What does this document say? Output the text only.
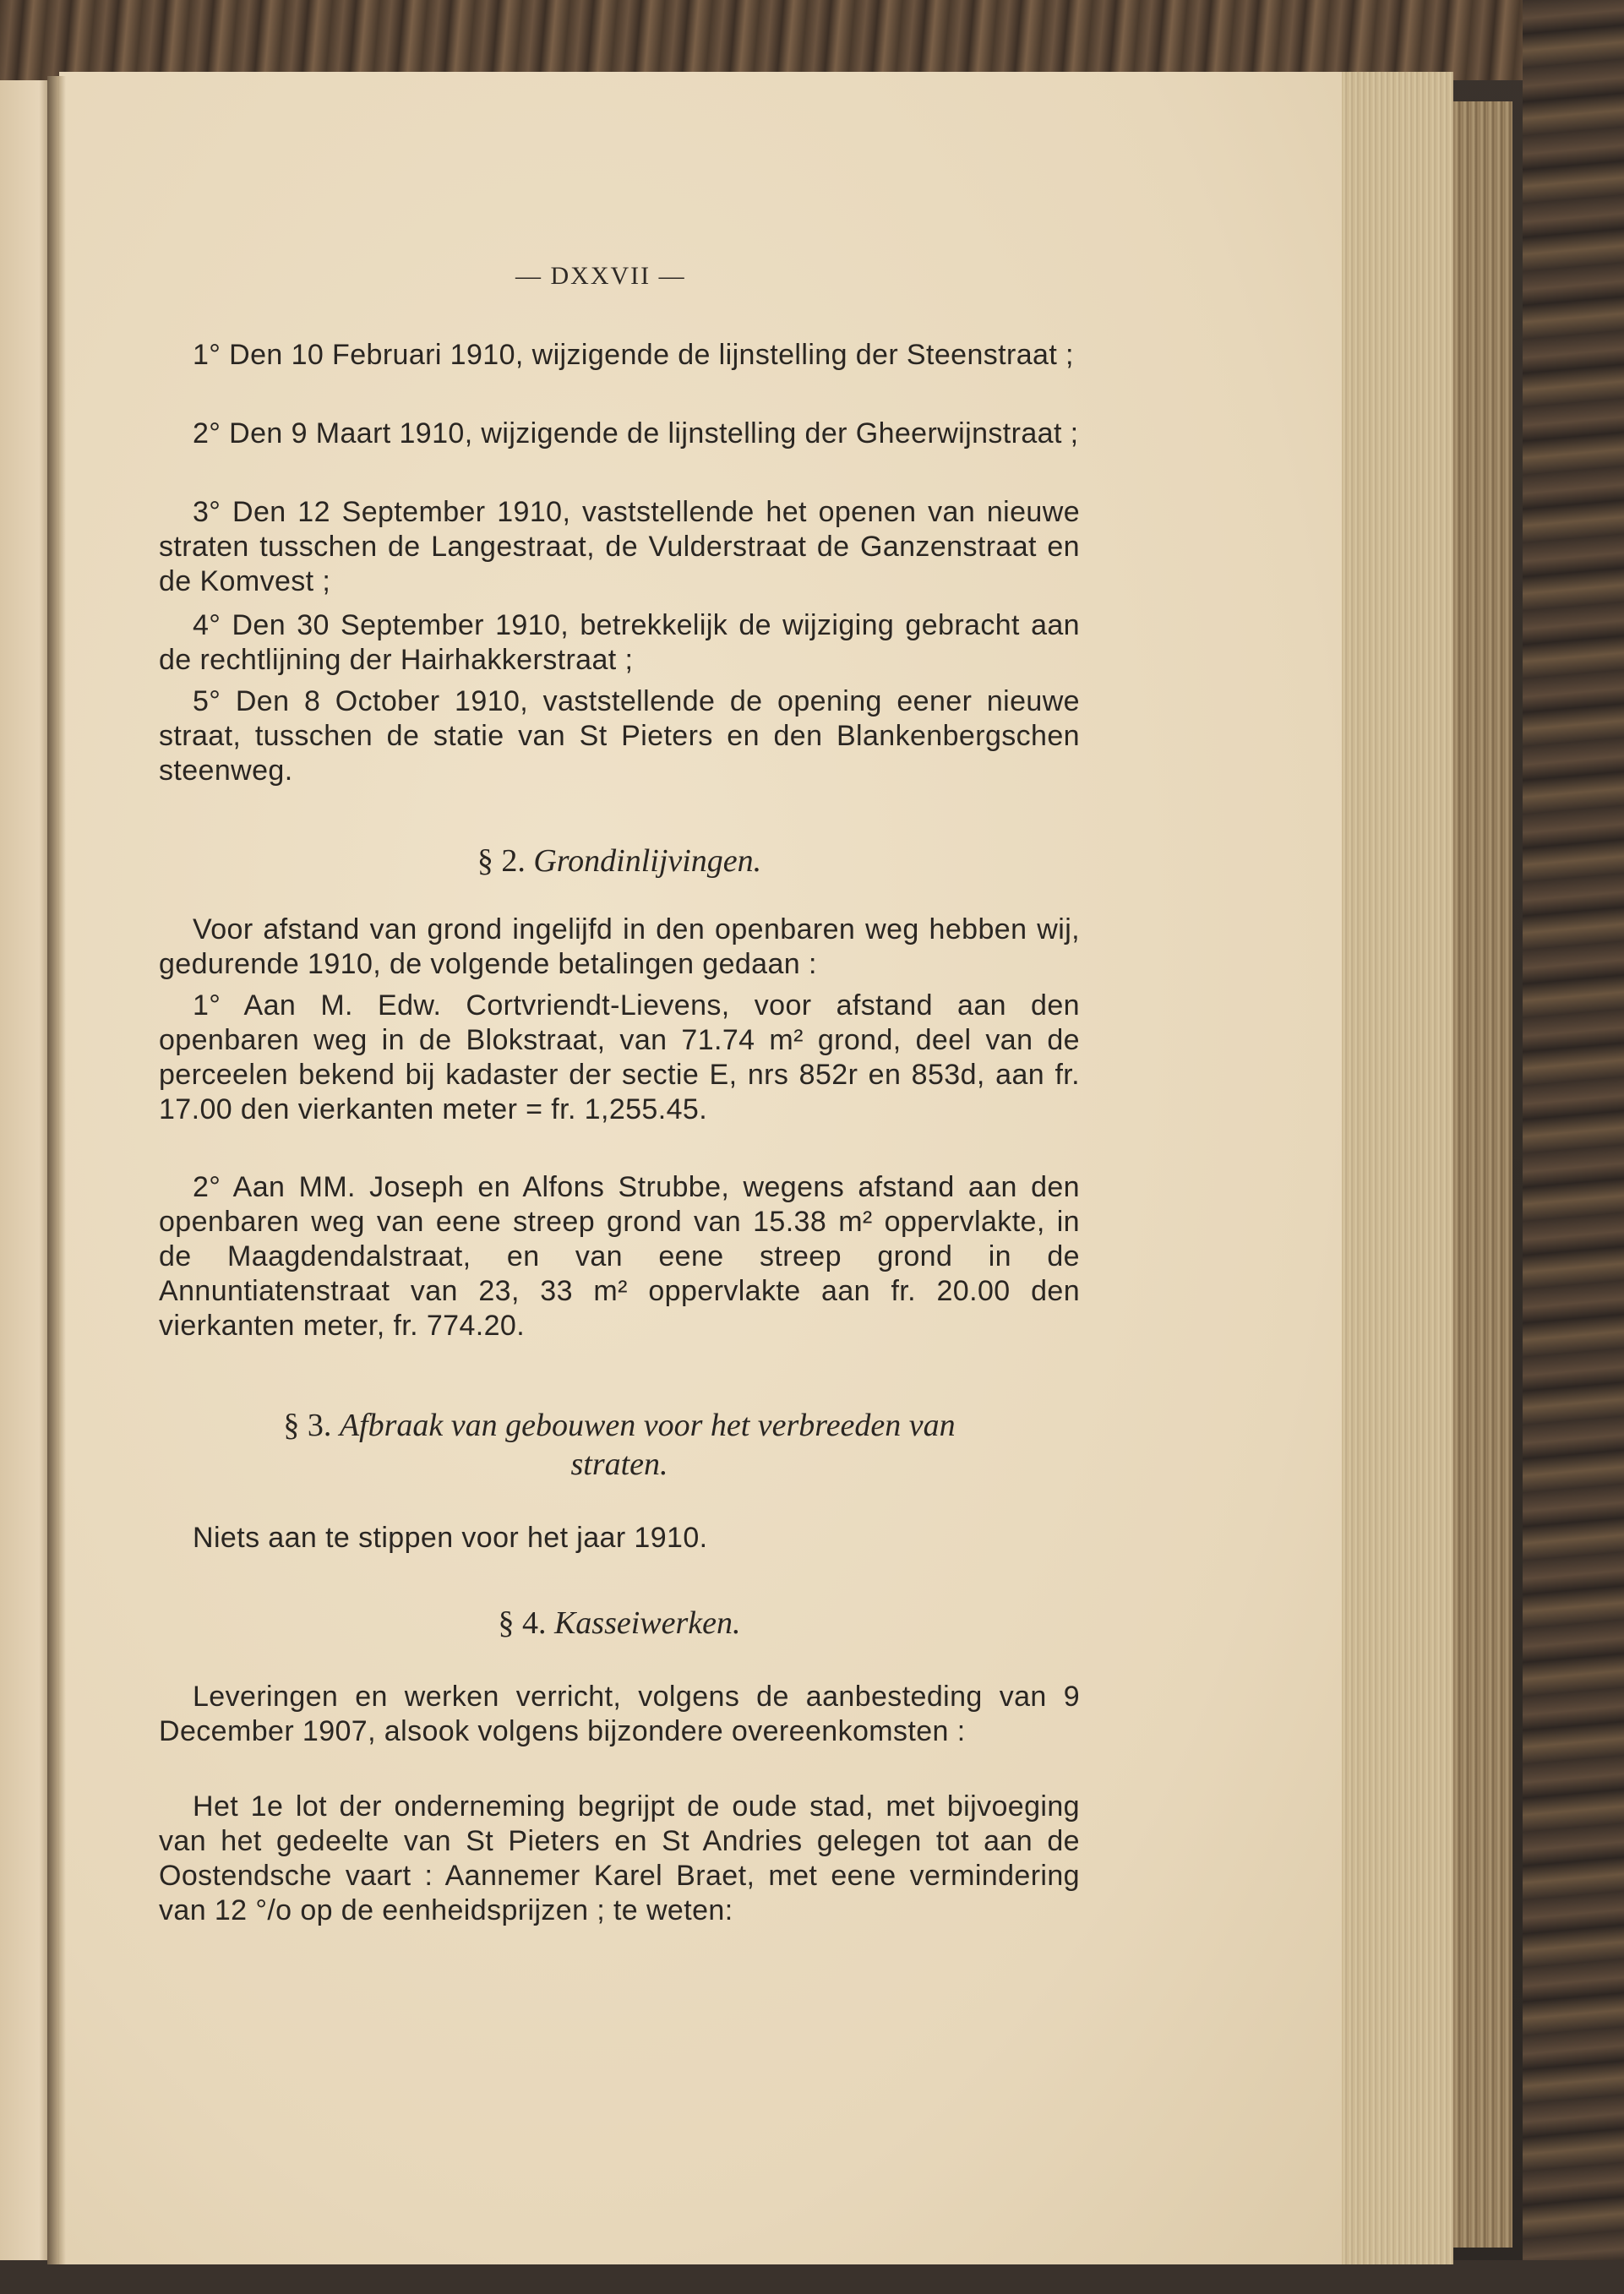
— DXXVII —
1° Den 10 Februari 1910, wijzigende de lijnstelling der Steenstraat ;
2° Den 9 Maart 1910, wijzigende de lijnstelling der Gheerwijnstraat ;
3° Den 12 September 1910, vaststellende het openen van nieuwe straten tusschen de Langestraat, de Vulderstraat de Ganzenstraat en de Komvest ;
4° Den 30 September 1910, betrekkelijk de wijziging gebracht aan de rechtlijning der Hairhakkerstraat ;
5° Den 8 October 1910, vaststellende de opening eener nieuwe straat, tusschen de statie van St Pieters en den Blankenbergschen steenweg.
§ 2. Grondinlijvingen.
Voor afstand van grond ingelijfd in den openbaren weg hebben wij, gedurende 1910, de volgende betalingen gedaan :
1° Aan M. Edw. Cortvriendt-Lievens, voor afstand aan den openbaren weg in de Blokstraat, van 71.74 m² grond, deel van de perceelen bekend bij kadaster der sectie E, nrs 852r en 853d, aan fr. 17.00 den vierkanten meter = fr. 1,255.45.
2° Aan MM. Joseph en Alfons Strubbe, wegens afstand aan den openbaren weg van eene streep grond van 15.38 m² oppervlakte, in de Maagdendalstraat, en van eene streep grond in de Annuntiatenstraat van 23, 33 m² oppervlakte aan fr. 20.00 den vierkanten meter, fr. 774.20.
§ 3. Afbraak van gebouwen voor het verbreeden van
straten.
Niets aan te stippen voor het jaar 1910.
§ 4. Kasseiwerken.
Leveringen en werken verricht, volgens de aanbesteding van 9 December 1907, alsook volgens bijzondere overeenkomsten :
Het 1e lot der onderneming begrijpt de oude stad, met bijvoeging van het gedeelte van St Pieters en St Andries gelegen tot aan de Oostendsche vaart : Aannemer Karel Braet, met eene vermindering van 12 °/o op de eenheidsprijzen ; te weten:
